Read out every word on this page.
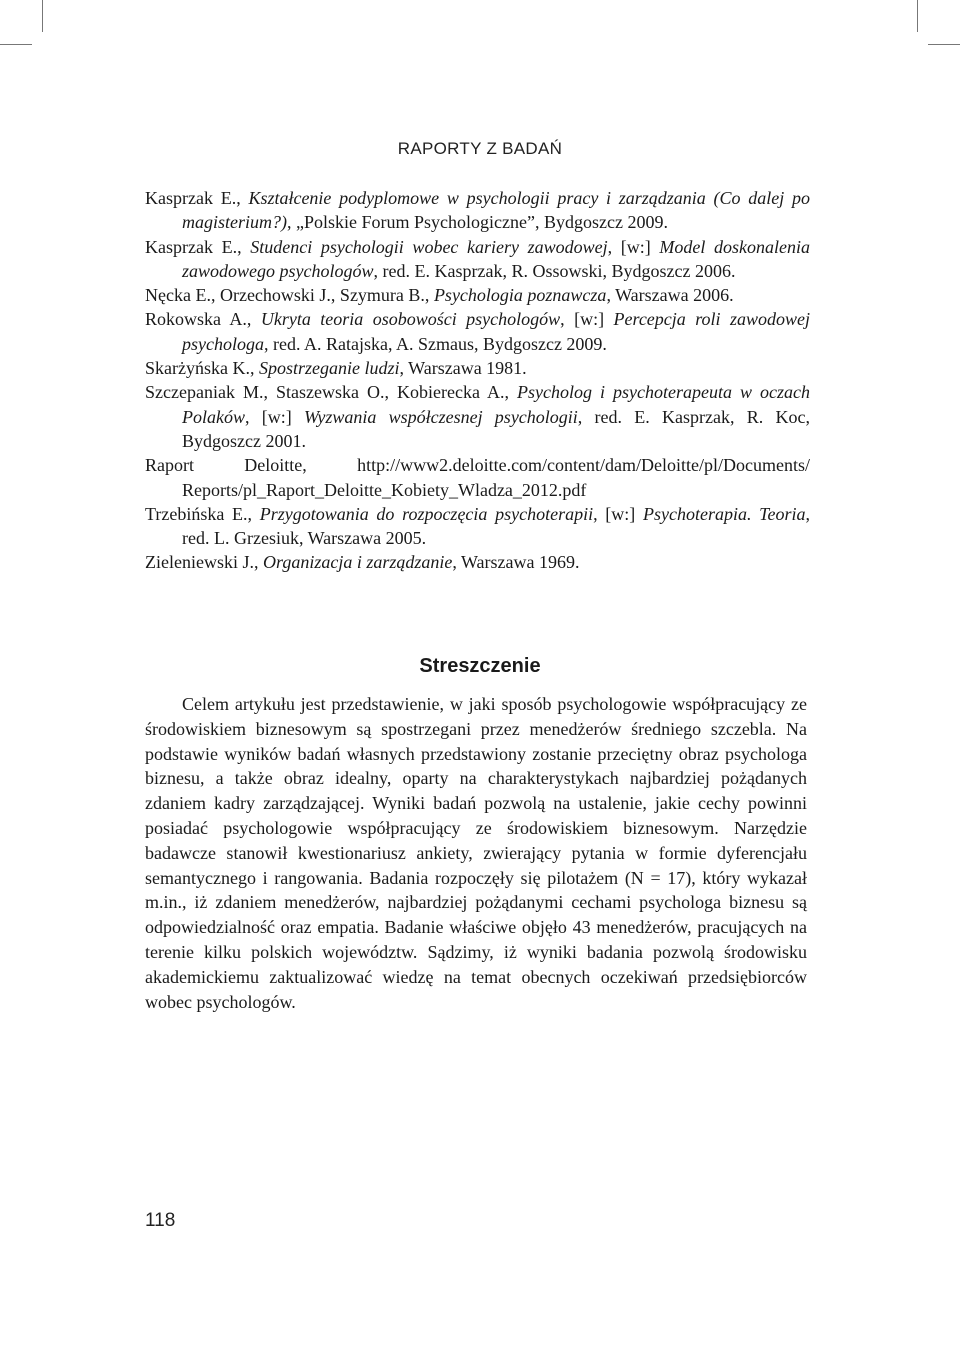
RAPORTY Z BADAŃ
Kasprzak E., Kształcenie podyplomowe w psychologii pracy i zarządzania (Co dalej po magisterium?), „Polskie Forum Psychologiczne”, Bydgoszcz 2009.
Kasprzak E., Studenci psychologii wobec kariery zawodowej, [w:] Model doskonalenia zawodowego psychologów, red. E. Kasprzak, R. Ossowski, Bydgoszcz 2006.
Nęcka E., Orzechowski J., Szymura B., Psychologia poznawcza, Warszawa 2006.
Rokowska A., Ukryta teoria osobowości psychologów, [w:] Percepcja roli zawodowej psychologa, red. A. Ratajska, A. Szmaus, Bydgoszcz 2009.
Skarżyńska K., Spostrzeganie ludzi, Warszawa 1981.
Szczepaniak M., Staszewska O., Kobierecka A., Psycholog i psychoterapeuta w oczach Polaków, [w:] Wyzwania współczesnej psychologii, red. E. Kasprzak, R. Koc, Bydgoszcz 2001.
Raport Deloitte, http://www2.deloitte.com/content/dam/Deloitte/pl/Documents/ Reports/pl_Raport_Deloitte_Kobiety_Wladza_2012.pdf
Trzebińska E., Przygotowania do rozpoczęcia psychoterapii, [w:] Psychoterapia. Teoria, red. L. Grzesiuk, Warszawa 2005.
Zieleniewski J., Organizacja i zarządzanie, Warszawa 1969.
Streszczenie

Celem artykułu jest przedstawienie, w jaki sposób psychologowie współpracujący ze środowiskiem biznesowym są spostrzegani przez menedżerów średniego szczebla. Na podstawie wyników badań własnych przedstawiony zostanie przeciętny obraz psychologa biznesu, a także obraz idealny, oparty na charakterystykach najbardziej pożądanych zdaniem kadry zarządzającej. Wyniki badań pozwolą na ustalenie, jakie cechy powinni posiadać psychologowie współpracujący ze środowiskiem biznesowym. Narzędzie badawcze stanowił kwestionariusz ankiety, zwierający pytania w formie dyferencjału semantycznego i rangowania. Badania rozpoczęły się pilotażem (N = 17), który wykazał m.in., iż zdaniem menedżerów, najbardziej pożądanymi cechami psychologa biznesu są odpowiedzialność oraz empatia. Badanie właściwe objęło 43 menedżerów, pracujących na terenie kilku polskich województw. Sądzimy, iż wyniki badania pozwolą środowisku akademickiemu zaktualizować wiedzę na temat obecnych oczekiwań przedsiębiorców wobec psychologów.

118
